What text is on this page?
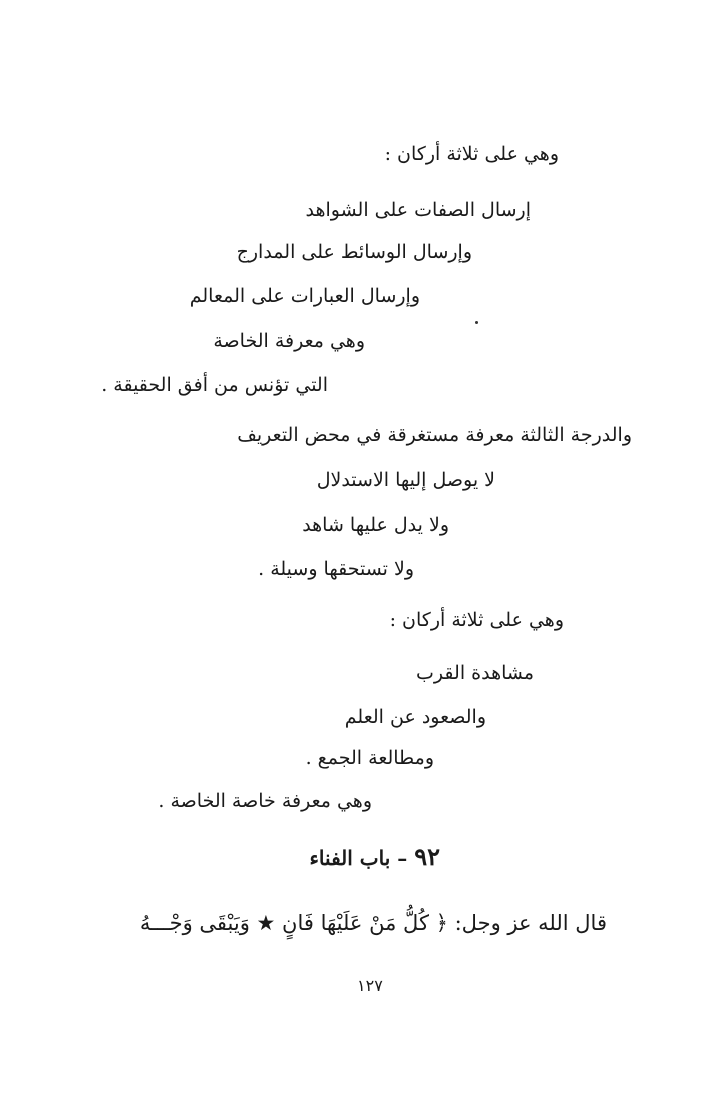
وهي على ثلاثة أركان :
إرسال الصفات على الشواهد
وإرسال الوسائط على المدارج
وإرسال العبارات على المعالم
وهي معرفة الخاصة
التي تؤنس من أفق الحقيقة .
والدرجة الثالثة معرفة مستغرقة في محض التعريف
لا يوصل إليها الاستدلال
ولا يدل عليها شاهد
ولا تستحقها وسيلة .
وهي على ثلاثة أركان :
مشاهدة القرب
والصعود عن العلم
ومطالعة الجمع .
وهي معرفة خاصة الخاصة .
٩٢ – باب الفناء
قال الله عز وجل: ﴿ كُلُّ مَنْ عَلَيْهَا فَانٍ ★ وَيَبْقَى وَجْـــهُ
١٢٧
